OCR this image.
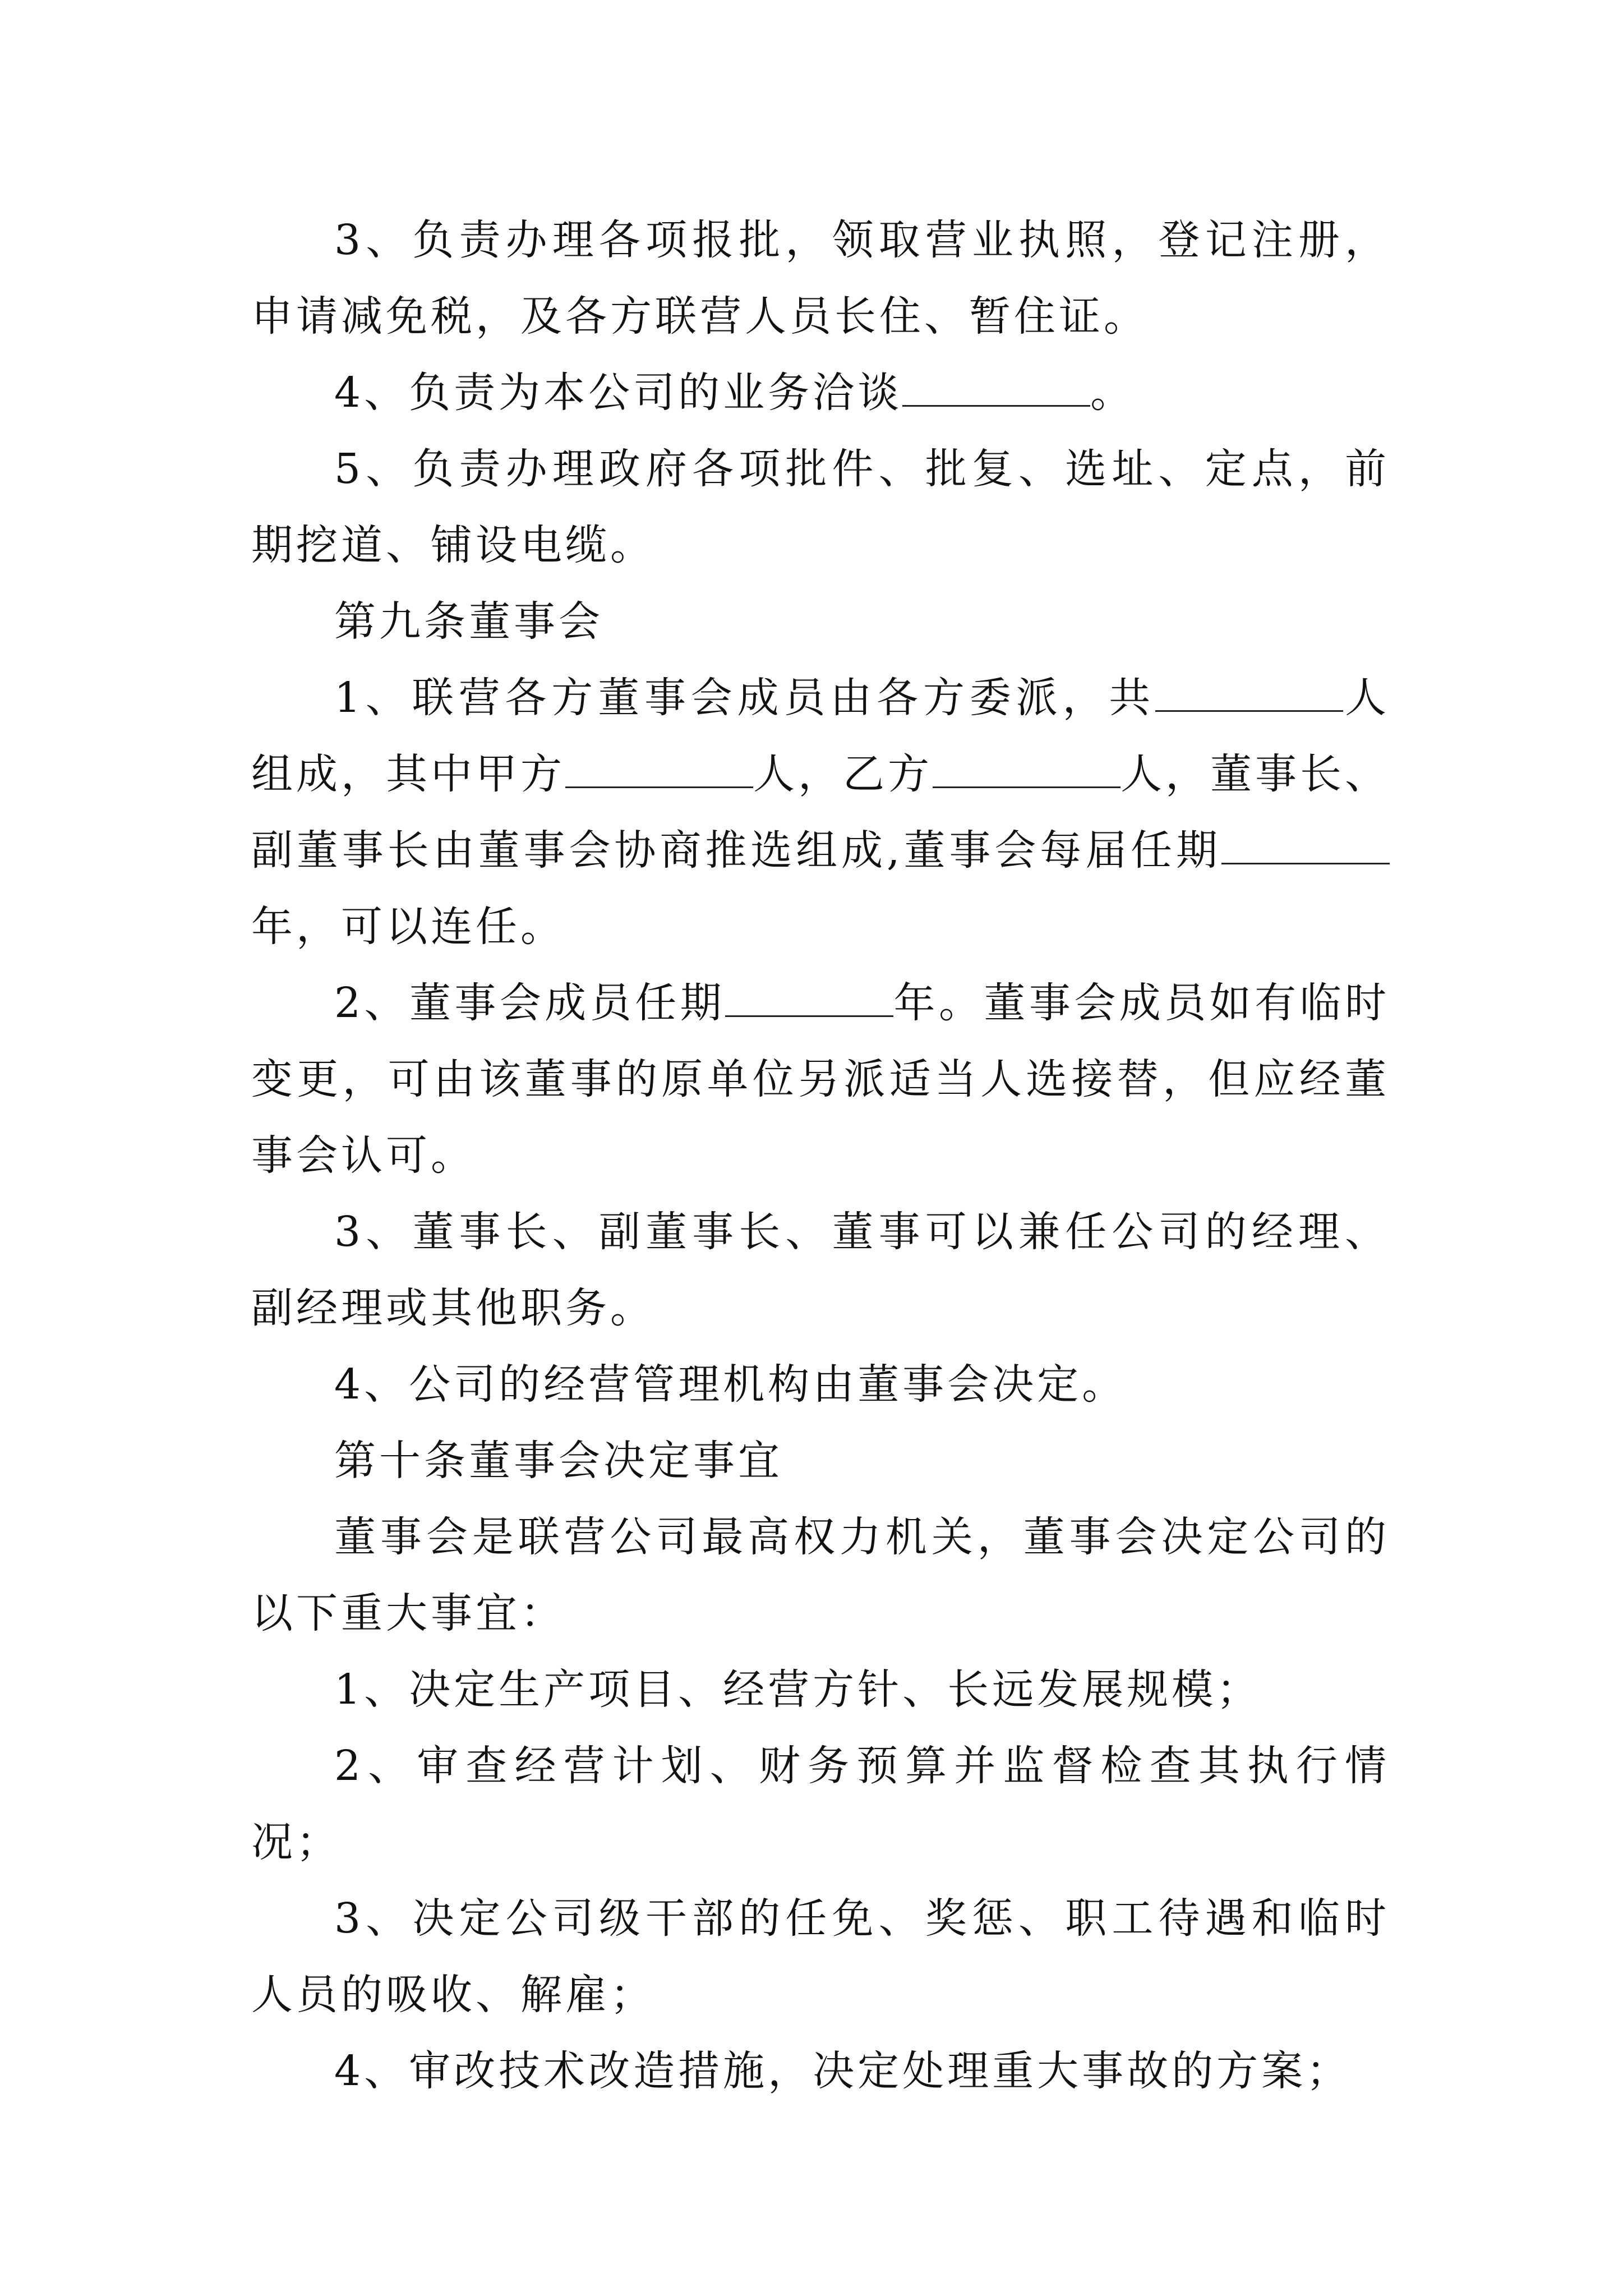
3、负责办理各项报批，领取营业执照，登记注册，申请减免税，及各方联营人员长住、暂住证。

4、负责为本公司的业务洽谈	。

5、负责办理政府各项批件、批复、选址、定点，前期挖道、铺设电缆。

第九条董事会

1、联营各方董事会成员由各方委派，共	人组成，其中甲方	人，乙方	人，董事长、副董事长由董事会协商推选组成,董事会每届任期年，可以连任。

2、董事会成员任期	年。董事会成员如有临时变更，可由该董事的原单位另派适当人选接替，但应经董事会认可。

3、董事长、副董事长、董事可以兼任公司的经理、副经理或其他职务。

4、公司的经营管理机构由董事会决定。

第十条董事会决定事宜

董事会是联营公司最高权力机关，董事会决定公司的以下重大事宜：

1、决定生产项目、经营方针、长远发展规模；

2、审查经营计划、财务预算并监督检查其执行情况；

3、决定公司级干部的任免、奖惩、职工待遇和临时人员的吸收、解雇；

4、审改技术改造措施，决定处理重大事故的方案；
